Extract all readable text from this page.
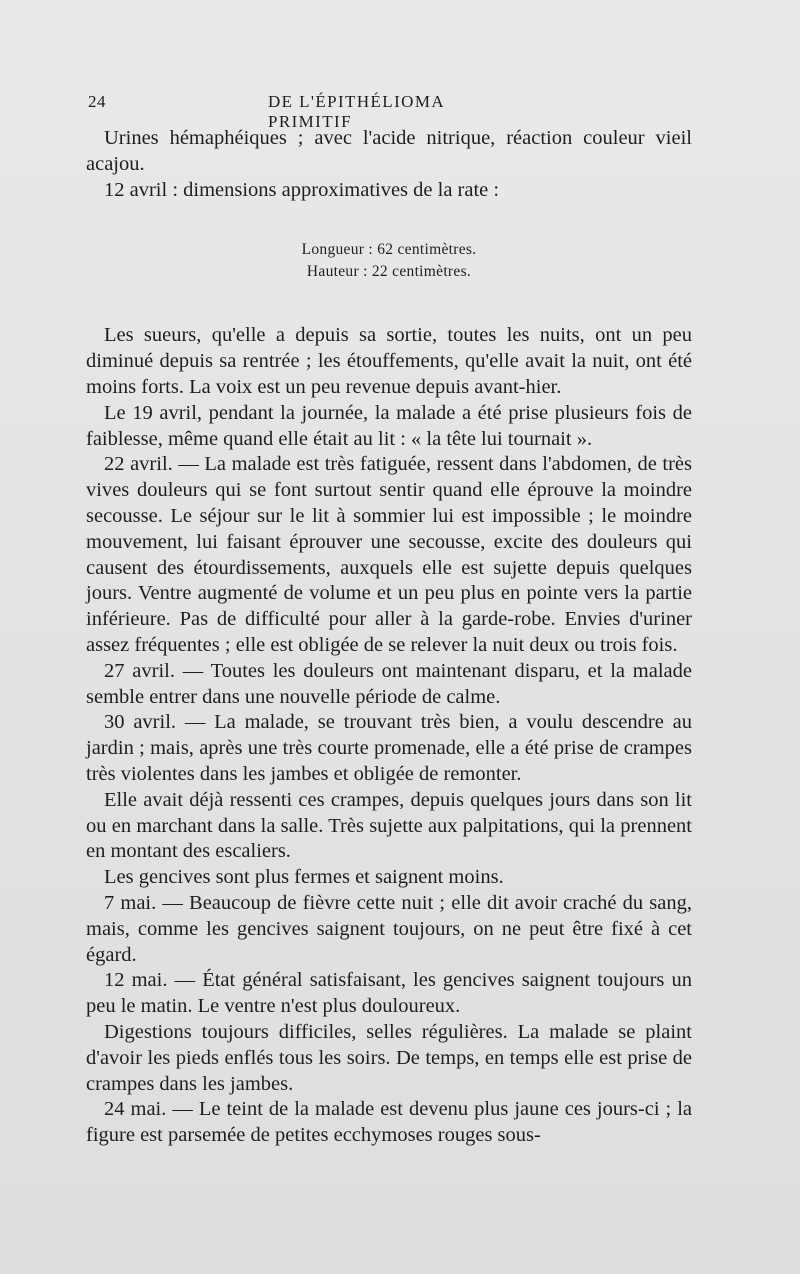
24	DE L'ÉPITHÉLIOMA PRIMITIF

Urines hémaphéiques ; avec l'acide nitrique, réaction couleur vieil acajou.

12 avril : dimensions approximatives de la rate :

Longueur : 62 centimètres.
Hauteur : 22 centimètres.

Les sueurs, qu'elle a depuis sa sortie, toutes les nuits, ont un peu diminué depuis sa rentrée ; les étouffements, qu'elle avait la nuit, ont été moins forts. La voix est un peu revenue depuis avant-hier.

Le 19 avril, pendant la journée, la malade a été prise plusieurs fois de faiblesse, même quand elle était au lit : « la tête lui tournait ».

22 avril. — La malade est très fatiguée, ressent dans l'abdomen, de très vives douleurs qui se font surtout sentir quand elle éprouve la moindre secousse. Le séjour sur le lit à sommier lui est impossible ; le moindre mouvement, lui faisant éprouver une secousse, excite des douleurs qui causent des étourdissements, auxquels elle est sujette depuis quelques jours. Ventre augmenté de volume et un peu plus en pointe vers la partie inférieure. Pas de difficulté pour aller à la garde-robe. Envies d'uriner assez fréquentes ; elle est obligée de se relever la nuit deux ou trois fois.

27 avril. — Toutes les douleurs ont maintenant disparu, et la malade semble entrer dans une nouvelle période de calme.

30 avril. — La malade, se trouvant très bien, a voulu descendre au jardin ; mais, après une très courte promenade, elle a été prise de crampes très violentes dans les jambes et obligée de remonter.

Elle avait déjà ressenti ces crampes, depuis quelques jours dans son lit ou en marchant dans la salle. Très sujette aux palpitations, qui la prennent en montant des escaliers.

Les gencives sont plus fermes et saignent moins.

7 mai. — Beaucoup de fièvre cette nuit ; elle dit avoir craché du sang, mais, comme les gencives saignent toujours, on ne peut être fixé à cet égard.

12 mai. — État général satisfaisant, les gencives saignent toujours un peu le matin. Le ventre n'est plus douloureux.

Digestions toujours difficiles, selles régulières. La malade se plaint d'avoir les pieds enflés tous les soirs. De temps, en temps elle est prise de crampes dans les jambes.

24 mai. — Le teint de la malade est devenu plus jaune ces jours-ci ; la figure est parsemée de petites ecchymoses rouges sous-
